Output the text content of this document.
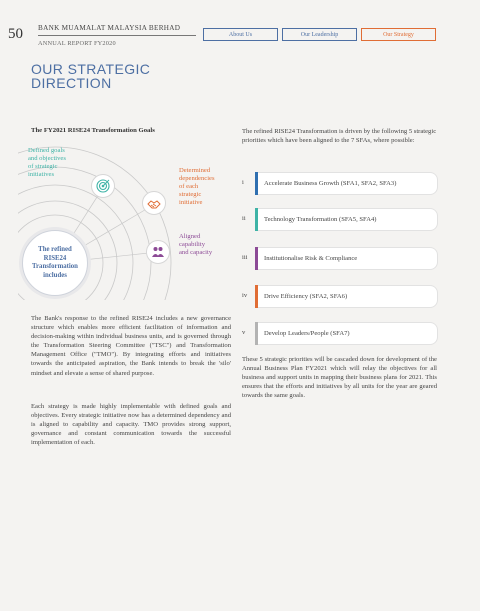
50 BANK MUAMALAT MALAYSIA BERHAD
ANNUAL REPORT FY2020
About Us	Our Leadership	Our Strategy
OUR STRATEGIC
DIRECTION
The FY2021 RISE24 Transformation Goals
Defined goals
and objectives
of strategic
initiatives
Determined
dependencies
of each
strategic
initiative
Aligned
capability
and capacity
The refined
RISE24
Transformation
includes

The Bank's response to the refined RISE24 includes a new governance structure which enables more efficient facilitation of information and decision-making within individual business units, and is governed through the Transformation Steering Committee ("TSC") and Transformation Management Office ("TMO"). By integrating efforts and initiatives towards the anticipated aspiration, the Bank intends to break the 'silo' mindset and elevate a sense of shared purpose.

Each strategy is made highly implementable with defined goals and objectives. Every strategic initiative now has a determined dependency and is aligned to capability and capacity. TMO provides strong support, governance and constant communication towards the successful implementation of each.

The refined RISE24 Transformation is driven by the following 5 strategic priorities which have been aligned to the 7 SFAs, where possible:

i	Accelerate Business Growth (SFA1, SFA2, SFA3)
ii	Technology Transformation (SFA5, SFA4)
iii	Institutionalise Risk & Compliance
iv	Drive Efficiency (SFA2, SFA6)
v	Develop Leaders/People (SFA7)

These 5 strategic priorities will be cascaded down for development of the Annual Business Plan FY2021 which will relay the objectives for all business and support units in mapping their business plans for 2021. This ensures that the efforts and initiatives by all units for the year are geared towards the same goals.
